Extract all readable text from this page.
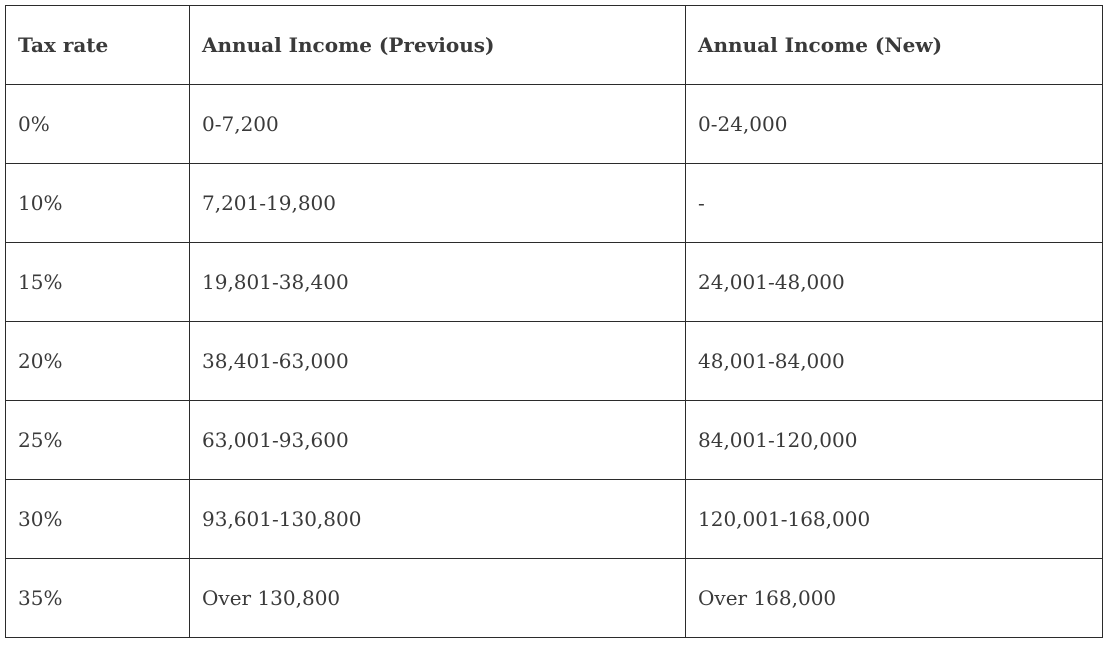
Tax rate	Annual Income (Previous)	Annual Income (New)
0%	0-7,200	0-24,000
10%	7,201-19,800	-
15%	19,801-38,400	24,001-48,000
20%	38,401-63,000	48,001-84,000
25%	63,001-93,600	84,001-120,000
30%	93,601-130,800	120,001-168,000
35%	Over 130,800	Over 168,000
